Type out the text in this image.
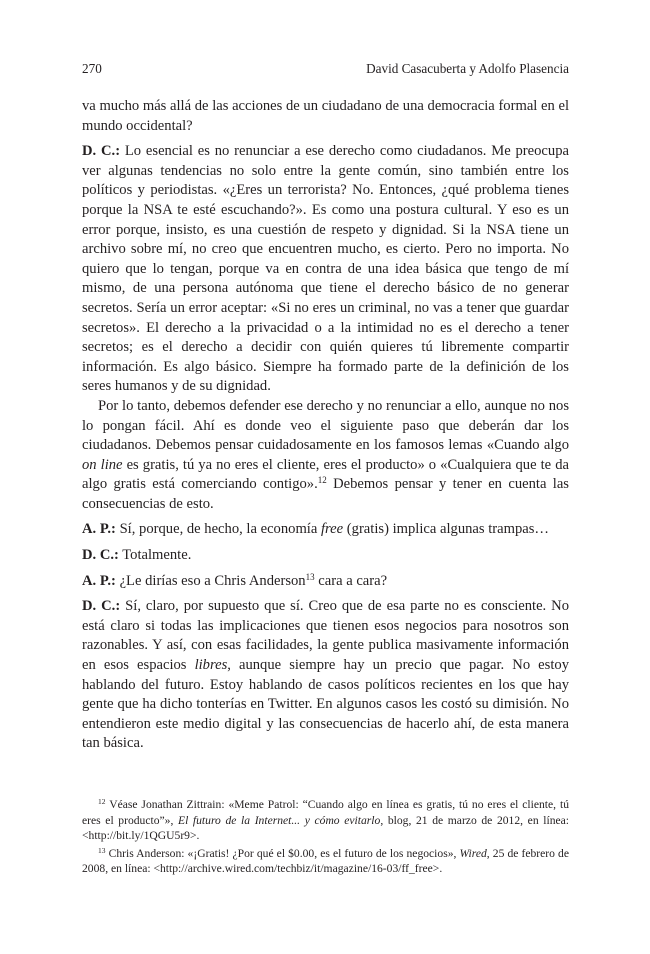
270	David Casacuberta y Adolfo Plasencia

va mucho más allá de las acciones de un ciudadano de una democracia formal en el mundo occidental?

D. C.: Lo esencial es no renunciar a ese derecho como ciudadanos. Me preocupa ver algunas tendencias no solo entre la gente común, sino también entre los políticos y periodistas. «¿Eres un terrorista? No. Entonces, ¿qué problema tienes porque la NSA te esté escuchando?». Es como una postura cultural. Y eso es un error porque, insisto, es una cuestión de respeto y dignidad. Si la NSA tiene un archivo sobre mí, no creo que encuentren mucho, es cierto. Pero no importa. No quiero que lo tengan, porque va en contra de una idea básica que tengo de mí mismo, de una persona autónoma que tiene el derecho básico de no generar secretos. Sería un error aceptar: «Si no eres un criminal, no vas a tener que guardar secretos». El derecho a la privacidad o a la intimidad no es el derecho a tener secretos; es el derecho a decidir con quién quieres tú libremente compartir información. Es algo básico. Siempre ha formado parte de la definición de los seres humanos y de su dignidad.

Por lo tanto, debemos defender ese derecho y no renunciar a ello, aunque no nos lo pongan fácil. Ahí es donde veo el siguiente paso que deberán dar los ciudadanos. Debemos pensar cuidadosamente en los famosos lemas «Cuando algo on line es gratis, tú ya no eres el cliente, eres el producto» o «Cualquiera que te da algo gratis está comerciando contigo».$^{12}$ Debemos pensar y tener en cuenta las consecuencias de esto.

A. P.: Sí, porque, de hecho, la economía free (gratis) implica algunas trampas…

D. C.: Totalmente.

A. P.: ¿Le dirías eso a Chris Anderson$^{13}$ cara a cara?

D. C.: Sí, claro, por supuesto que sí. Creo que de esa parte no es consciente. No está claro si todas las implicaciones que tienen esos negocios para nosotros son razonables. Y así, con esas facilidades, la gente publica masivamente información en esos espacios libres, aunque siempre hay un precio que pagar. No estoy hablando del futuro. Estoy hablando de casos políticos recientes en los que hay gente que ha dicho tonterías en Twitter. En algunos casos les costó su dimisión. No entendieron este medio digital y las consecuencias de hacerlo ahí, de esta manera tan básica.

$^{12}$ Véase Jonathan Zittrain: «Meme Patrol: “Cuando algo en línea es gratis, tú no eres el cliente, tú eres el producto”», El futuro de la Internet... y cómo evitarlo, blog, 21 de marzo de 2012, en línea: <http://bit.ly/1QGU5r9>.

$^{13}$ Chris Anderson: «¡Gratis! ¿Por qué el $0.00, es el futuro de los negocios», Wired, 25 de febrero de 2008, en línea: <http://archive.wired.com/techbiz/it/magazine/16-03/ff_free>.
